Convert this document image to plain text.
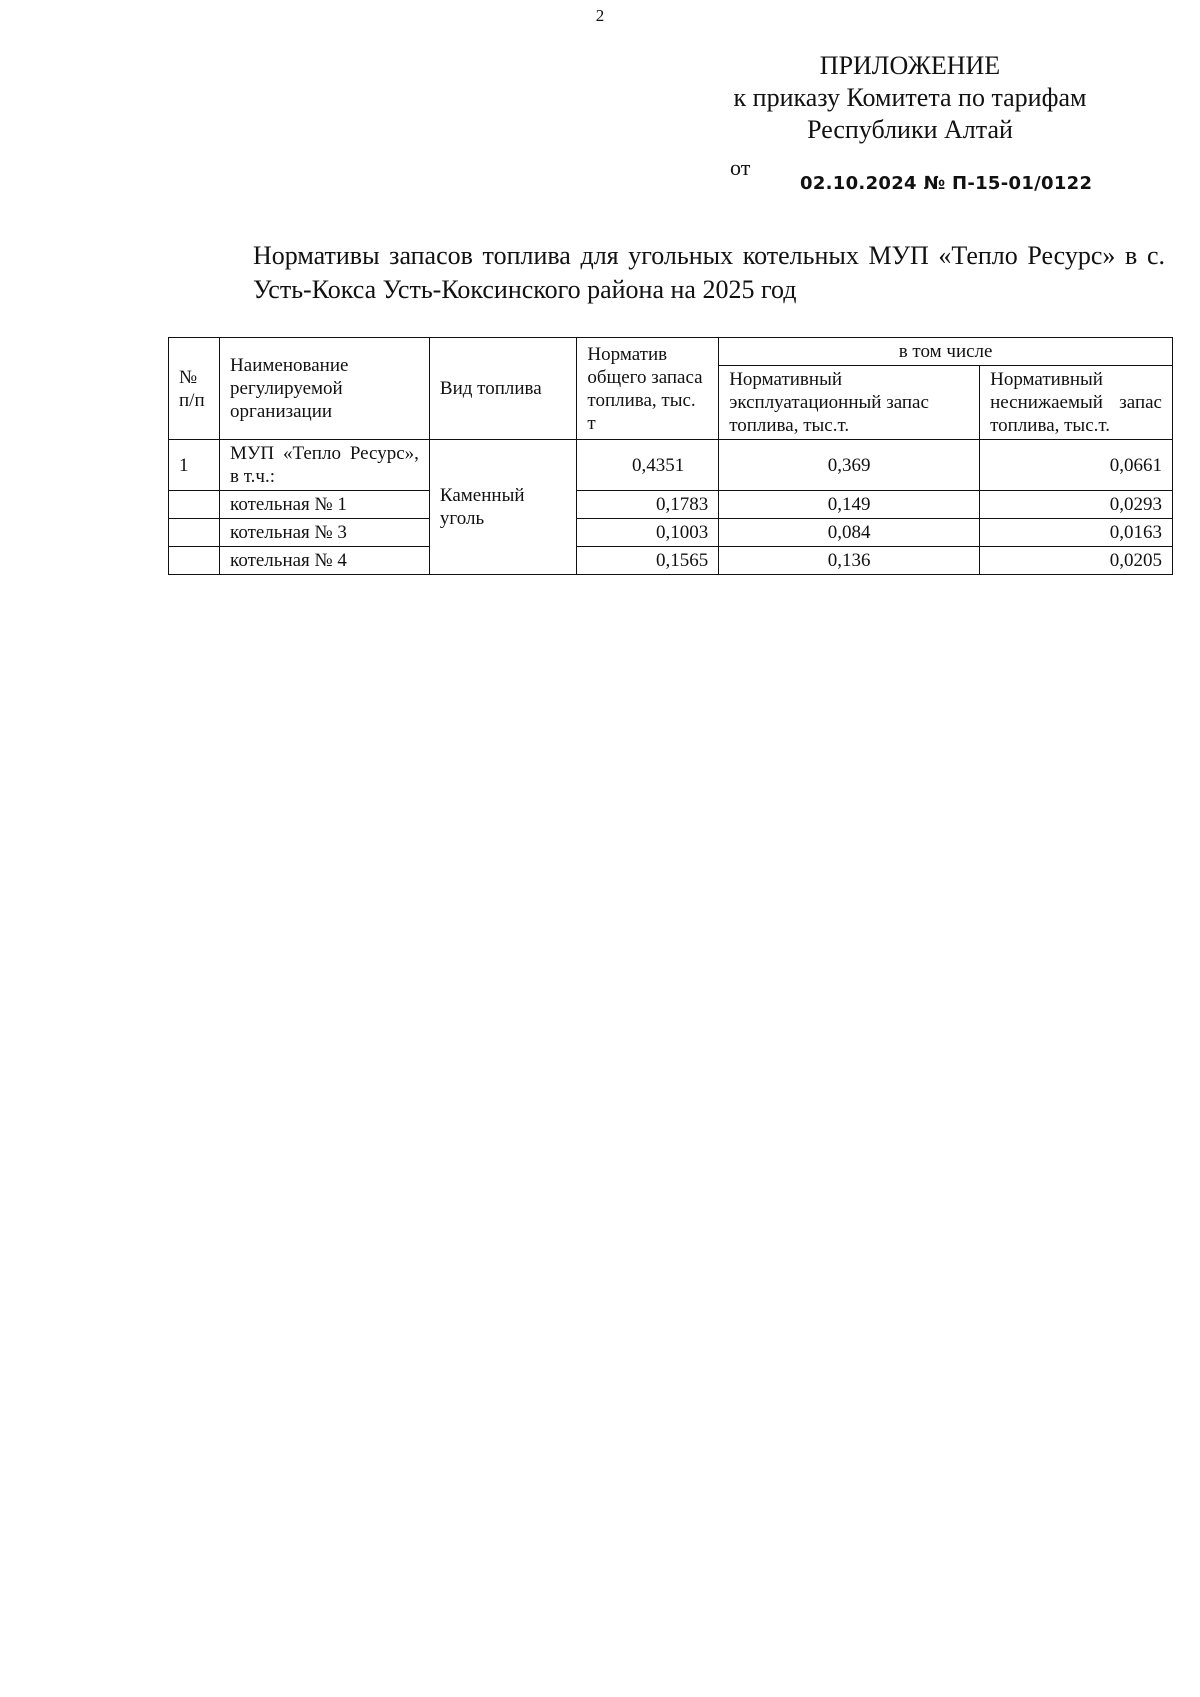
2
ПРИЛОЖЕНИЕ
к приказу Комитета по тарифам
Республики Алтай
от
02.10.2024 № П-15-01/0122
Нормативы запасов топлива для угольных котельных МУП «Тепло Ресурс» в с. Усть-Кокса Усть-Коксинского района на 2025 год
№ п/п	Наименование регулируемой организации	Вид топлива	Норматив общего запаса топлива, тыс. т	в том числе	
				Нормативный эксплуатационный запас топлива, тыс.т.	Нормативный неснижаемый запас топлива, тыс.т.
1	МУП «Тепло Ресурс», в т.ч.:	Каменный уголь	0,4351	0,369	0,0661
	котельная № 1		0,1783	0,149	0,0293
	котельная № 3		0,1003	0,084	0,0163
	котельная № 4		0,1565	0,136	0,0205
